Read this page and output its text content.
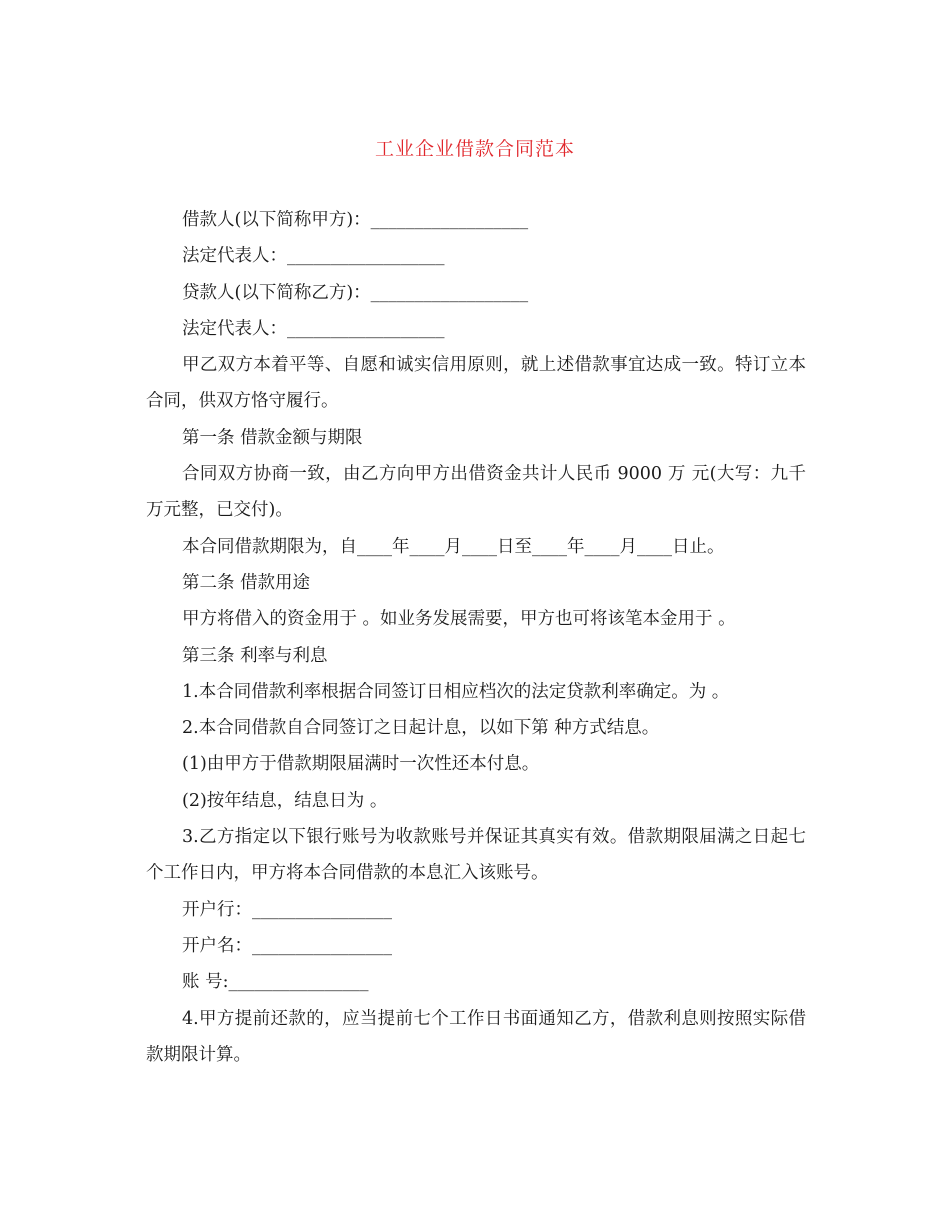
工业企业借款合同范本

借款人(以下简称甲方)：__________________

法定代表人：__________________

贷款人(以下简称乙方)：__________________

法定代表人：__________________

甲乙双方本着平等、自愿和诚实信用原则，就上述借款事宜达成一致。特订立本合同，供双方恪守履行。

第一条 借款金额与期限

合同双方协商一致，由乙方向甲方出借资金共计人民币 9000 万 元(大写：九千万元整，已交付)。

本合同借款期限为，自____年____月____日至____年____月____日止。

第二条 借款用途

甲方将借入的资金用于 。如业务发展需要，甲方也可将该笔本金用于 。

第三条 利率与利息

1.本合同借款利率根据合同签订日相应档次的法定贷款利率确定。为 。

2.本合同借款自合同签订之日起计息，以如下第 种方式结息。

(1)由甲方于借款期限届满时一次性还本付息。

(2)按年结息，结息日为 。

3.乙方指定以下银行账号为收款账号并保证其真实有效。借款期限届满之日起七个工作日内，甲方将本合同借款的本息汇入该账号。

开户行：________________

开户名：________________

账 号:________________

4.甲方提前还款的，应当提前七个工作日书面通知乙方，借款利息则按照实际借款期限计算。
